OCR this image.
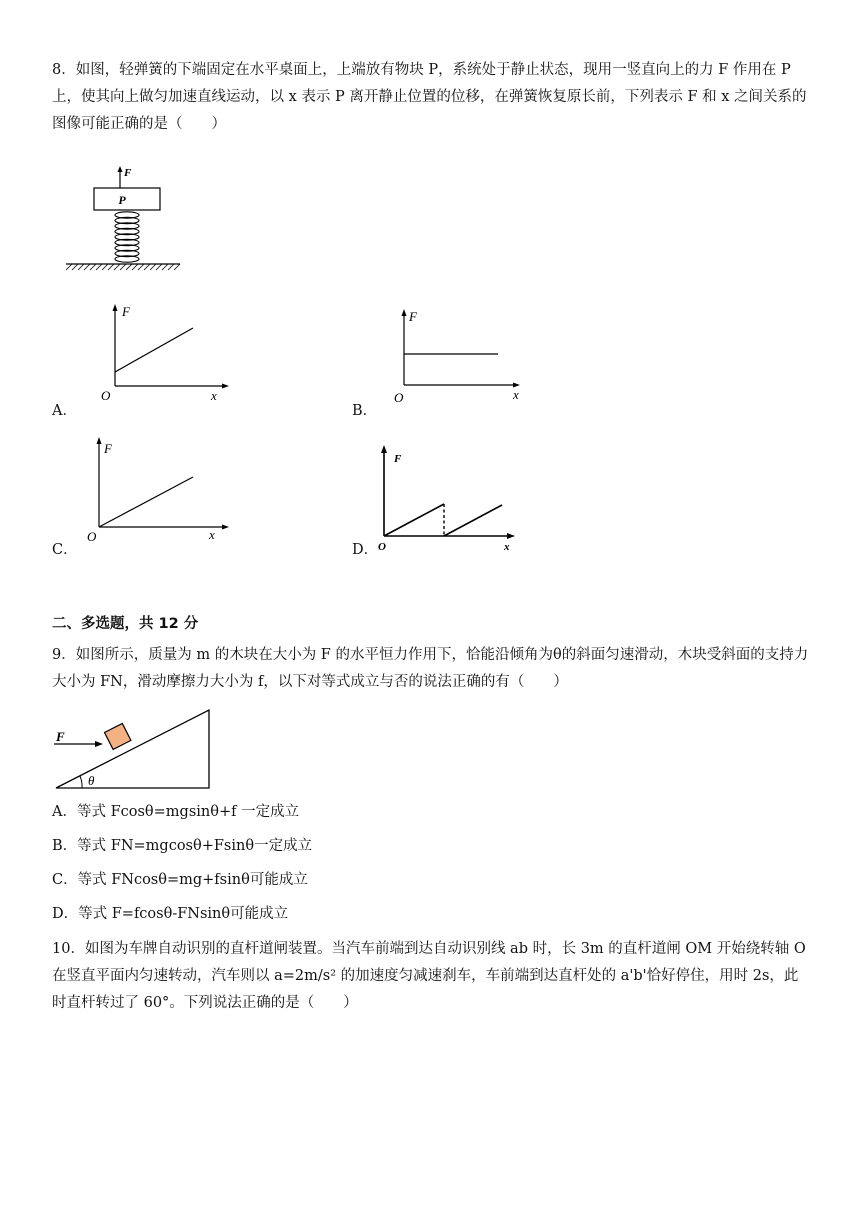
8．如图，轻弹簧的下端固定在水平桌面上，上端放有物块 P，系统处于静止状态，现用一竖直向上的力 F 作用在 P 上，使其向上做匀加速直线运动，以 x 表示 P 离开静止位置的位移，在弹簧恢复原长前，下列表示 F 和 x 之间关系的图像可能正确的是（　　）
F
P
A．
F
O	x
B．
F
O	x
C．
F
O	x
D．
F
O	x
二、多选题，共 12 分
9．如图所示，质量为 m 的木块在大小为 F 的水平恒力作用下，恰能沿倾角为θ的斜面匀速滑动，木块受斜面的支持力大小为 FN，滑动摩擦力大小为 f，以下对等式成立与否的说法正确的有（　　）
F
θ
A．等式 Fcosθ=mgsinθ+f 一定成立
B．等式 FN=mgcosθ+Fsinθ一定成立
C．等式 FNcosθ=mg+fsinθ可能成立
D．等式 F=fcosθ-FNsinθ可能成立
10．如图为车牌自动识别的直杆道闸装置。当汽车前端到达自动识别线 ab 时，长 3m 的直杆道闸 OM 开始绕转轴 O 在竖直平面内匀速转动，汽车则以 a=2m/s² 的加速度匀减速刹车，车前端到达直杆处的 a'b'恰好停住，用时 2s，此时直杆转过了 60°。下列说法正确的是（　　）
